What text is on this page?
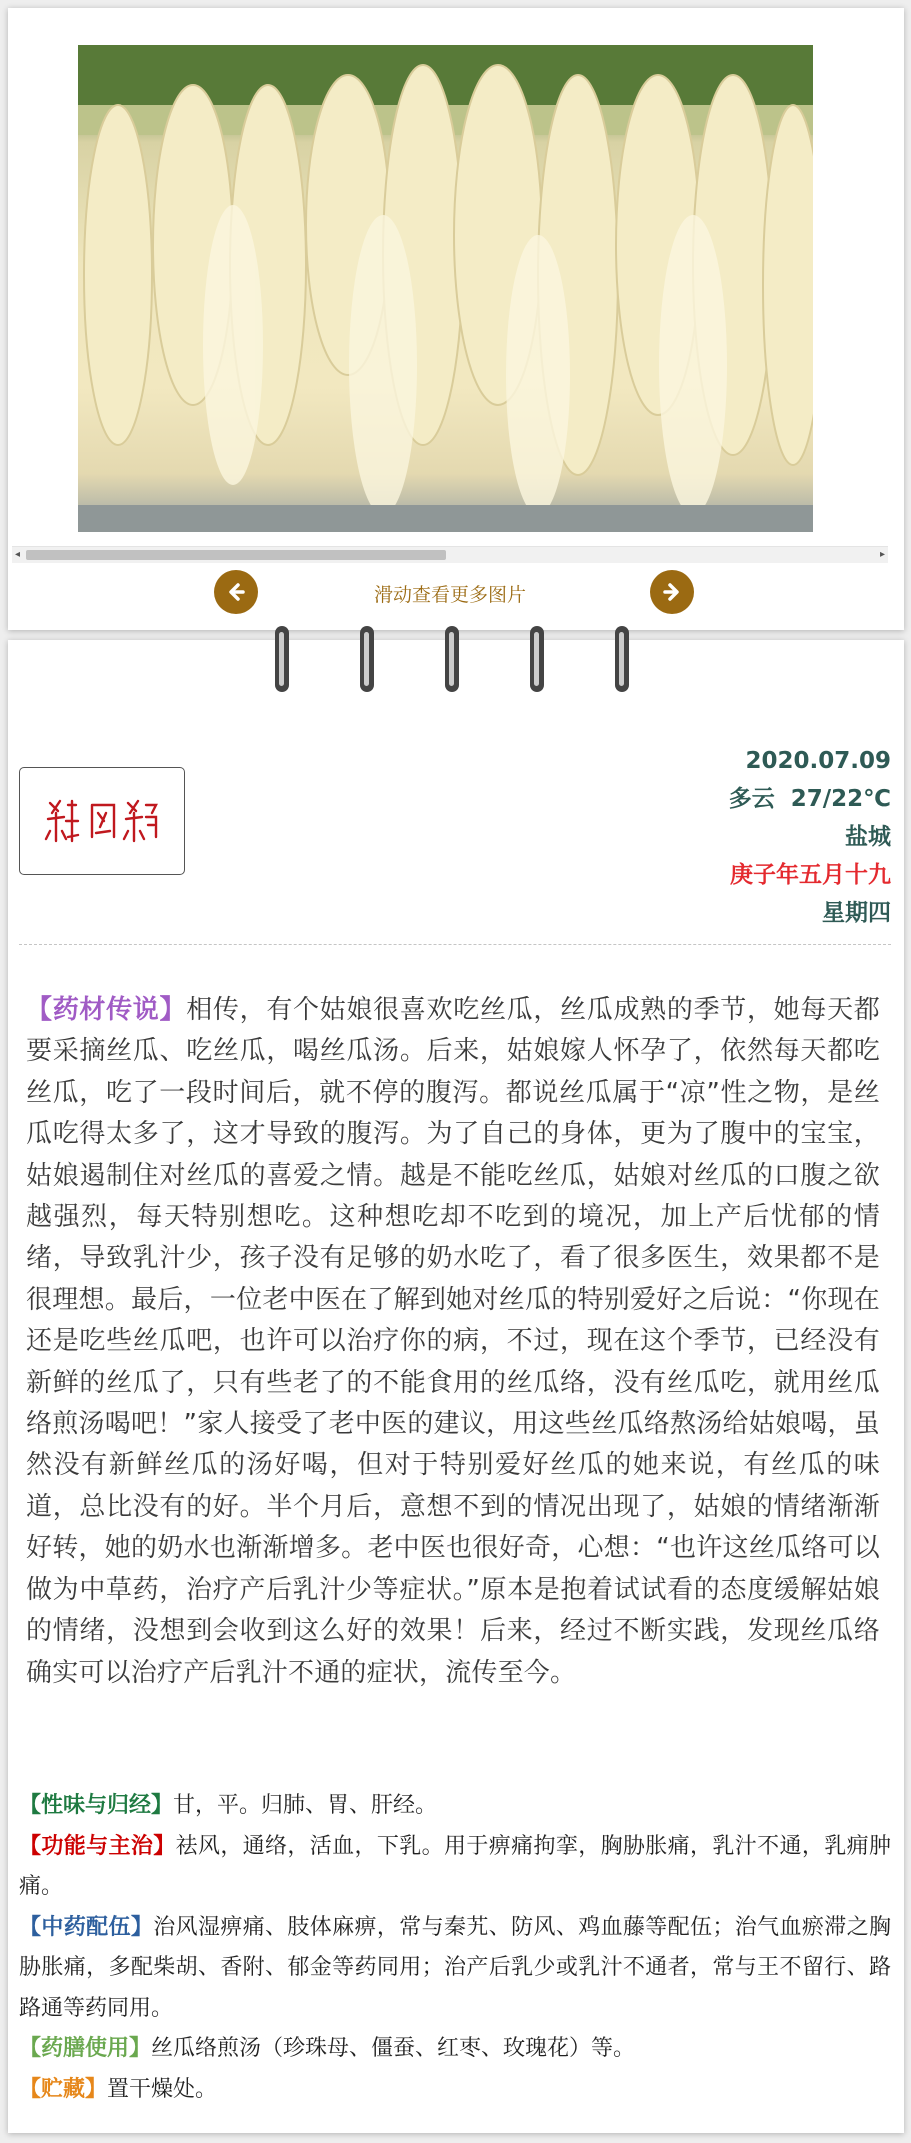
◂	▸
滑动查看更多图片
2020.07.09
多云  27/22℃
盐城
庚子年五月十九
星期四
【药材传说】相传，有个姑娘很喜欢吃丝瓜，丝瓜成熟的季节，她每天都要采摘丝瓜、吃丝瓜，喝丝瓜汤。后来，姑娘嫁人怀孕了，依然每天都吃丝瓜，吃了一段时间后，就不停的腹泻。都说丝瓜属于“凉”性之物，是丝瓜吃得太多了，这才导致的腹泻。为了自己的身体，更为了腹中的宝宝，姑娘遏制住对丝瓜的喜爱之情。越是不能吃丝瓜，姑娘对丝瓜的口腹之欲越强烈，每天特别想吃。这种想吃却不吃到的境况，加上产后忧郁的情绪，导致乳汁少，孩子没有足够的奶水吃了，看了很多医生，效果都不是很理想。最后，一位老中医在了解到她对丝瓜的特别爱好之后说：“你现在还是吃些丝瓜吧，也许可以治疗你的病，不过，现在这个季节，已经没有新鲜的丝瓜了，只有些老了的不能食用的丝瓜络，没有丝瓜吃，就用丝瓜络煎汤喝吧！”家人接受了老中医的建议，用这些丝瓜络熬汤给姑娘喝，虽然没有新鲜丝瓜的汤好喝，但对于特别爱好丝瓜的她来说，有丝瓜的味道，总比没有的好。半个月后，意想不到的情况出现了，姑娘的情绪渐渐好转，她的奶水也渐渐增多。老中医也很好奇，心想：“也许这丝瓜络可以做为中草药，治疗产后乳汁少等症状。”原本是抱着试试看的态度缓解姑娘的情绪，没想到会收到这么好的效果！后来，经过不断实践，发现丝瓜络确实可以治疗产后乳汁不通的症状，流传至今。

【性味与归经】甘，平。归肺、胃、肝经。

【功能与主治】祛风，通络，活血，下乳。用于痹痛拘挛，胸胁胀痛，乳汁不通，乳痈肿痛。

【中药配伍】治风湿痹痛、肢体麻痹，常与秦艽、防风、鸡血藤等配伍；治气血瘀滞之胸胁胀痛，多配柴胡、香附、郁金等药同用；治产后乳少或乳汁不通者，常与王不留行、路路通等药同用。

【药膳使用】丝瓜络煎汤（珍珠母、僵蚕、红枣、玫瑰花）等。

【贮藏】置干燥处。
